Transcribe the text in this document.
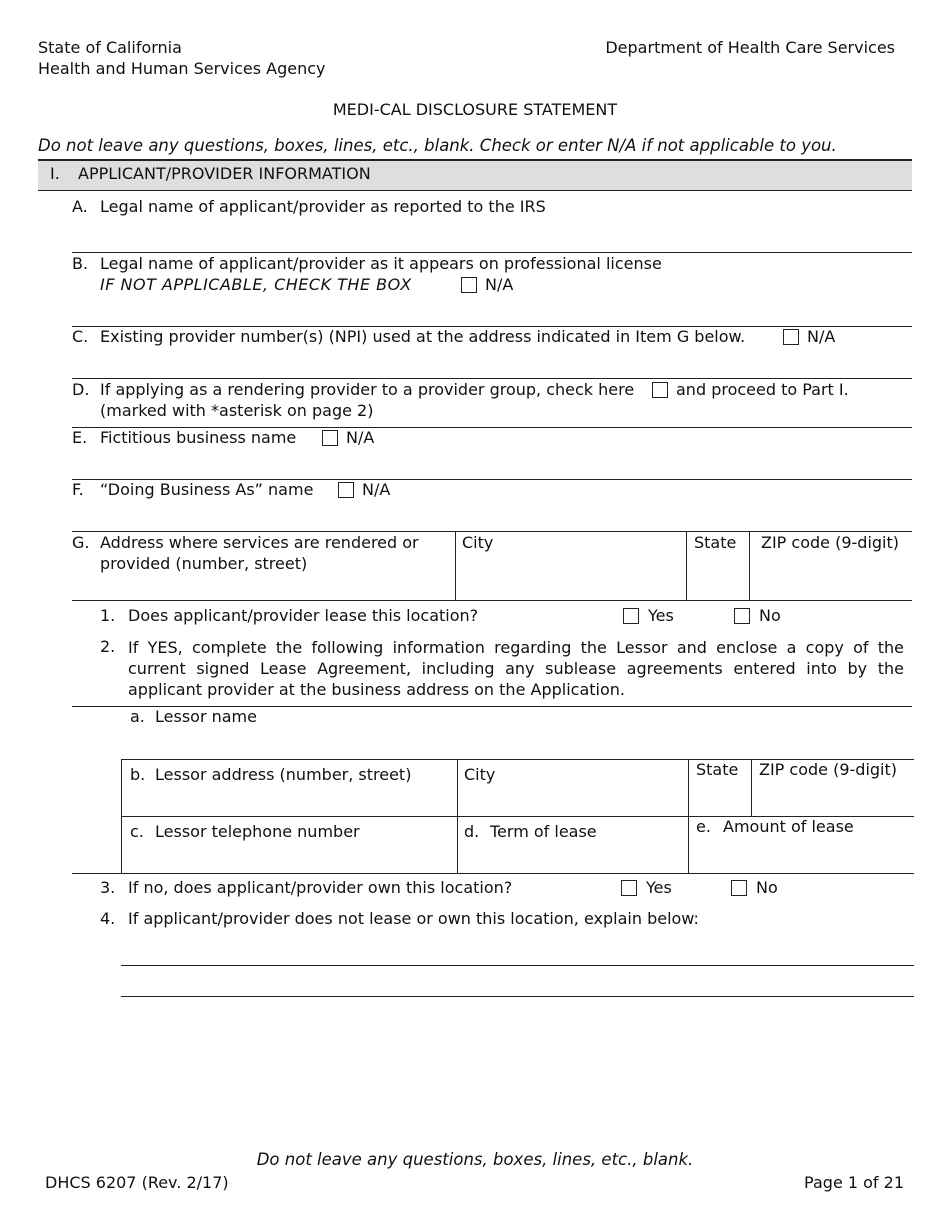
State of California
Health and Human Services Agency
Department of Health Care Services
MEDI-CAL DISCLOSURE STATEMENT
Do not leave any questions, boxes, lines, etc., blank. Check or enter N/A if not applicable to you.
I. APPLICANT/PROVIDER INFORMATION
A. Legal name of applicant/provider as reported to the IRS
B. Legal name of applicant/provider as it appears on professional license
IF NOT APPLICABLE, CHECK THE BOX	N/A
C. Existing provider number(s) (NPI) used at the address indicated in Item G below.	N/A
D. If applying as a rendering provider to a provider group, check here	and proceed to Part I.
(marked with *asterisk on page 2)
E. Fictitious business name	N/A
F. “Doing Business As” name	N/A
G. Address where services are rendered or
provided (number, street)
City	State ZIP code (9-digit)
1. Does applicant/provider lease this location?	Yes	No
2. If YES, complete the following information regarding the Lessor and enclose a copy of the current signed Lease Agreement, including any sublease agreements entered into by the applicant provider at the business address on the Application.
a. Lessor name
b. Lessor address (number, street)	City	State ZIP code (9-digit)
c. Lessor telephone number	d. Term of lease	e. Amount of lease
3. If no, does applicant/provider own this location?	Yes	No
4. If applicant/provider does not lease or own this location, explain below:
Do not leave any questions, boxes, lines, etc., blank.
DHCS 6207 (Rev. 2/17)	Page 1 of 21
